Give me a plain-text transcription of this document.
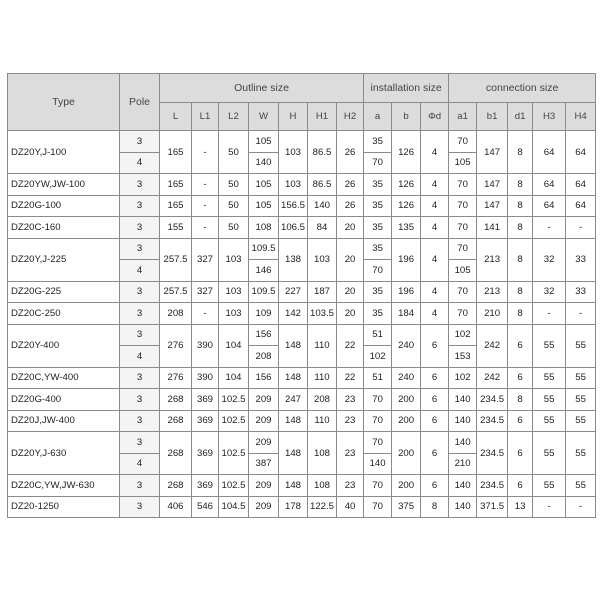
Type	Pole	Outline size							installation size			connection size				
		L	L1	L2	W	H	H1	H2	a	b	Φd	a1	b1	d1	H3	H4
DZ20Y,J-100	3	165	-	50	105	103	86.5	26	35	126	4	70	147	8	64	64
	4				140				70			105				
DZ20YW,JW-100	3	165	-	50	105	103	86.5	26	35	126	4	70	147	8	64	64
DZ20G-100	3	165	-	50	105	156.5	140	26	35	126	4	70	147	8	64	64
DZ20C-160	3	155	-	50	108	106.5	84	20	35	135	4	70	141	8	-	-
DZ20Y,J-225	3	257.5	327	103	109.5	138	103	20	35	196	4	70	213	8	32	33
	4				146				70			105				
DZ20G-225	3	257.5	327	103	109.5	227	187	20	35	196	4	70	213	8	32	33
DZ20C-250	3	208	-	103	109	142	103.5	20	35	184	4	70	210	8	-	-
DZ20Y-400	3	276	390	104	156	148	110	22	51	240	6	102	242	6	55	55
	4				208				102			153				
DZ20C,YW-400	3	276	390	104	156	148	110	22	51	240	6	102	242	6	55	55
DZ20G-400	3	268	369	102.5	209	247	208	23	70	200	6	140	234.5	8	55	55
DZ20J,JW-400	3	268	369	102.5	209	148	110	23	70	200	6	140	234.5	6	55	55
DZ20Y,J-630	3	268	369	102.5	209	148	108	23	70	200	6	140	234.5	6	55	55
	4				387				140			210				
DZ20C,YW,JW-630	3	268	369	102.5	209	148	108	23	70	200	6	140	234.5	6	55	55
DZ20-1250	3	406	546	104.5	209	178	122.5	40	70	375	8	140	371.5	13	-	-
